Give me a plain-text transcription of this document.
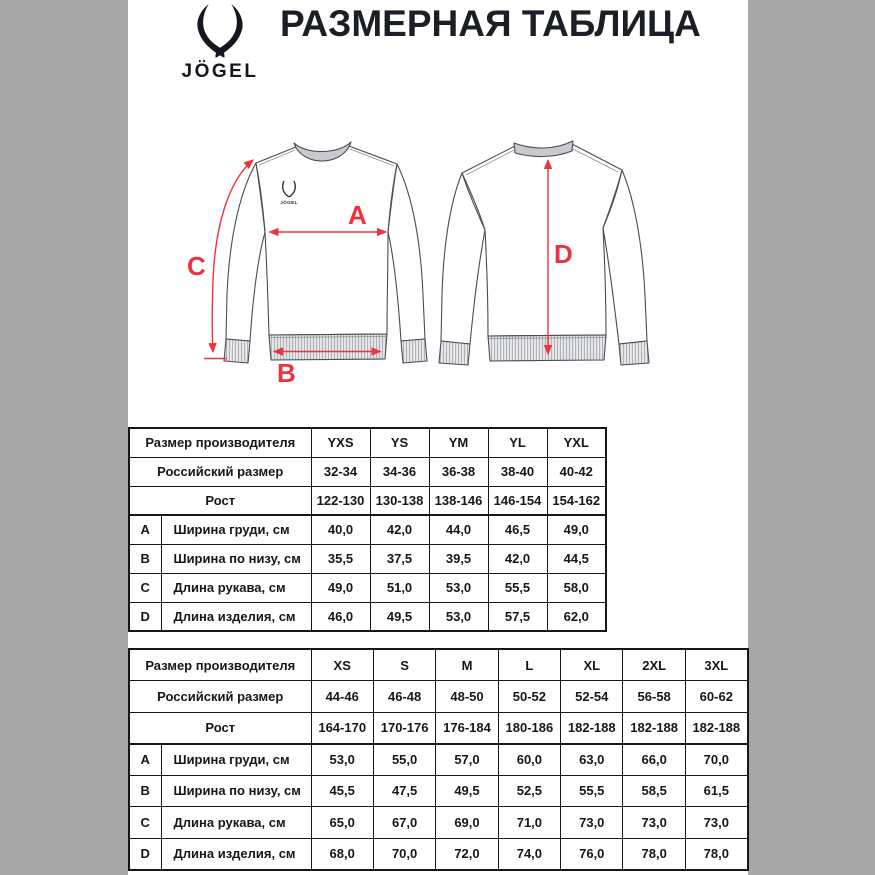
JÖGEL
РАЗМЕРНАЯ ТАБЛИЦА
JÖGEL A
B
C	D
Размер производителя		YXS	YS	YM	YL	YXL
Российский размер		32-34	34-36	36-38	38-40	40-42
Рост		122-130	130-138	138-146	146-154	154-162
A	Ширина груди, см	40,0	42,0	44,0	46,5	49,0
B	Ширина по низу, см	35,5	37,5	39,5	42,0	44,5
C	Длина рукава, см	49,0	51,0	53,0	55,5	58,0
D	Длина изделия, см	46,0	49,5	53,0	57,5	62,0
Размер производителя		XS	S	M	L	XL	2XL	3XL
Российский размер		44-46	46-48	48-50	50-52	52-54	56-58	60-62
Рост		164-170	170-176	176-184	180-186	182-188	182-188	182-188
A	Ширина груди, см	53,0	55,0	57,0	60,0	63,0	66,0	70,0
B	Ширина по низу, см	45,5	47,5	49,5	52,5	55,5	58,5	61,5
C	Длина рукава, см	65,0	67,0	69,0	71,0	73,0	73,0	73,0
D	Длина изделия, см	68,0	70,0	72,0	74,0	76,0	78,0	78,0
